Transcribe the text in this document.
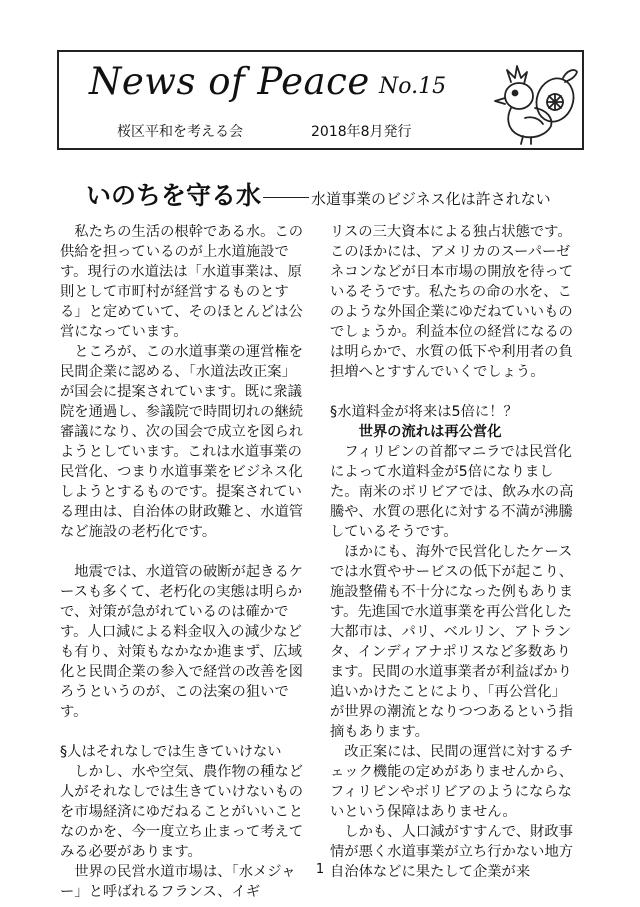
News of Peace No.15
桜区平和を考える会	2018年8月発行
いのちを守る水	水道事業のビジネス化は許されない

私たちの生活の根幹である水。この供給を担っているのが上水道施設です。現行の水道法は「水道事業は、原則として市町村が経営するものとする」と定めていて、そのほとんどは公営になっています。

ところが、この水道事業の運営権を民間企業に認める、「水道法改正案」が国会に提案されています。既に衆議院を通過し、参議院で時間切れの継続審議になり、次の国会で成立を図られようとしています。これは水道事業の民営化、つまり水道事業をビジネス化しようとするものです。提案されている理由は、自治体の財政難と、水道管など施設の老朽化です。

地震では、水道管の破断が起きるケースも多くて、老朽化の実態は明らかで、対策が急がれているのは確かです。人口減による料金収入の減少なども有り、対策もなかなか進まず、広域化と民間企業の参入で経営の改善を図ろうというのが、この法案の狙いです。

§人はそれなしでは生きていけない

しかし、水や空気、農作物の種など人がそれなしでは生きていけないものを市場経済にゆだねることがいいことなのかを、今一度立ち止まって考えてみる必要があります。

世界の民営水道市場は、「水メジャー」と呼ばれるフランス、イギ

リスの三大資本による独占状態です。このほかには、アメリカのスーパーゼネコンなどが日本市場の開放を待っているそうです。私たちの命の水を、このような外国企業にゆだねていいものでしょうか。利益本位の経営になるのは明らかで、水質の低下や利用者の負担増へとすすんでいくでしょう。

§水道料金が将来は5倍に！？
世界の流れは再公営化

フィリピンの首都マニラでは民営化によって水道料金が5倍になりました。南米のボリビアでは、飲み水の高騰や、水質の悪化に対する不満が沸騰しているそうです。

ほかにも、海外で民営化したケースでは水質やサービスの低下が起こり、施設整備も不十分になった例もあります。先進国で水道事業を再公営化した大都市は、パリ、ベルリン、アトランタ、インディアナポリスなど多数あります。民間の水道事業者が利益ばかり追いかけたことにより、「再公営化」が世界の潮流となりつつあるという指摘もあります。

改正案には、民間の運営に対するチェック機能の定めがありませんから、フィリピンやボリビアのようにならないという保障はありません。

しかも、人口減がすすんで、財政事情が悪く水道事業が立ち行かない地方自治体などに果たして企業が来

1
